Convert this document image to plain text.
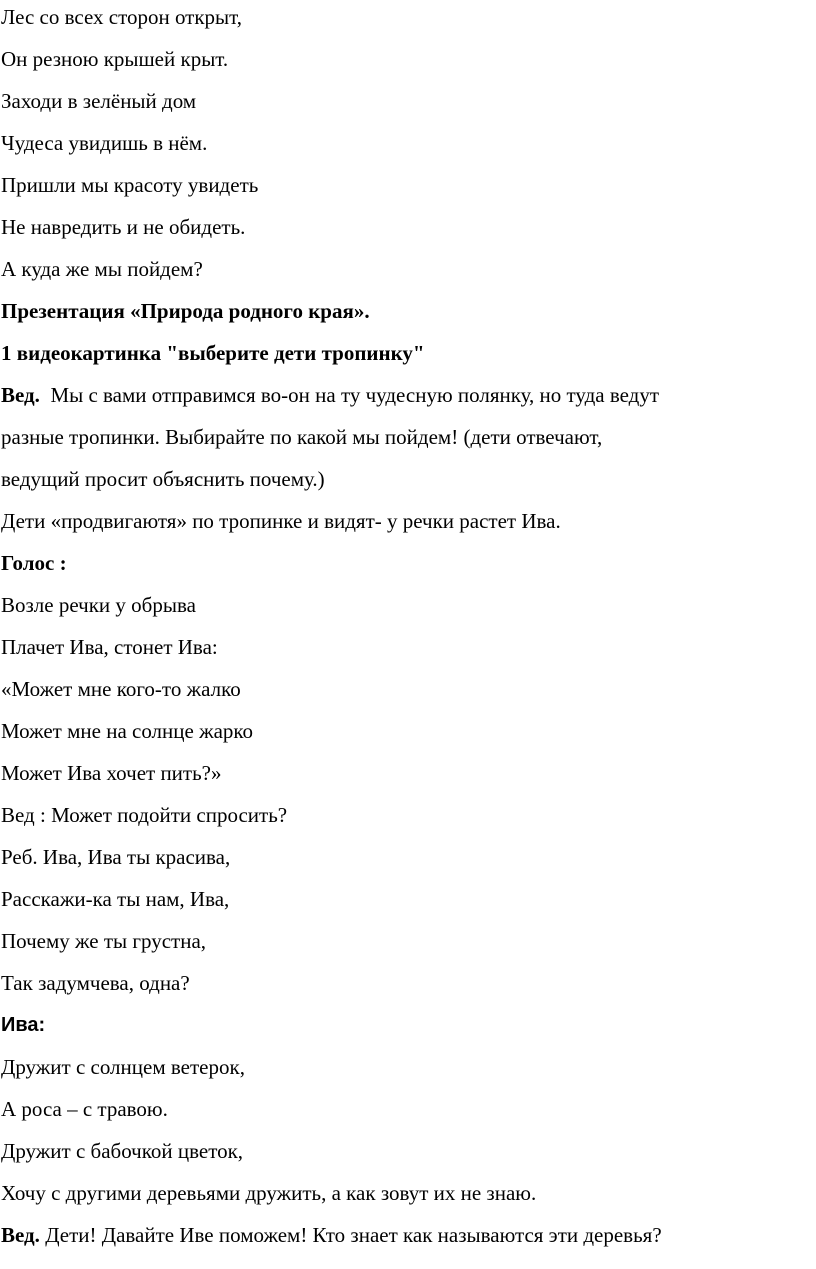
Лес со всех сторон открыт,
Он резною крышей крыт.
Заходи в зелёный дом
Чудеса увидишь в нём.
Пришли мы красоту увидеть
Не навредить и не обидеть.
А куда же мы пойдем?
Презентация «Природа родного края».
1 видеокартинка "выберите дети тропинку"
Вед.  Мы с вами отправимся во-он на ту чудесную полянку, но туда ведут
разные тропинки. Выбирайте по какой мы пойдем! (дети отвечают,
ведущий просит объяснить почему.)
Дети «продвигаютя» по тропинке и видят- у речки растет Ива.
Голос :
Возле речки у обрыва
Плачет Ива, стонет Ива:
«Может мне кого-то жалко
Может мне на солнце жарко
Может Ива хочет пить?»
Вед : Может подойти спросить?
Реб. Ива, Ива ты красива,
Расскажи-ка ты нам, Ива,
Почему же ты грустна,
Так задумчева, одна?
Ива:
Дружит с солнцем ветерок,
А роса – с травою.
Дружит с бабочкой цветок,
Хочу с другими деревьями дружить, а как зовут их не знаю.
Вед. Дети! Давайте Иве поможем! Кто знает как называются эти деревья?
